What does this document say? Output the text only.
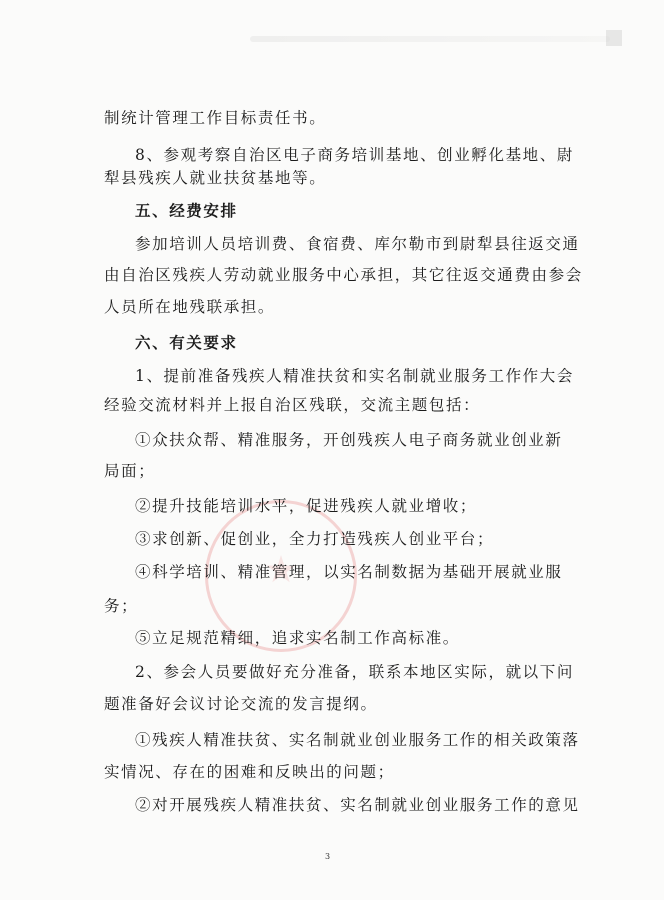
制统计管理工作目标责任书。
8、参观考察自治区电子商务培训基地、创业孵化基地、尉
犁县残疾人就业扶贫基地等。
五、经费安排
参加培训人员培训费、食宿费、库尔勒市到尉犁县往返交通
由自治区残疾人劳动就业服务中心承担，其它往返交通费由参会
人员所在地残联承担。
六、有关要求
1、提前准备残疾人精准扶贫和实名制就业服务工作作大会
经验交流材料并上报自治区残联，交流主题包括：
①众扶众帮、精准服务，开创残疾人电子商务就业创业新
局面；
②提升技能培训水平，促进残疾人就业增收；
③求创新、促创业，全力打造残疾人创业平台；
④科学培训、精准管理，以实名制数据为基础开展就业服
务；
⑤立足规范精细，追求实名制工作高标准。
2、参会人员要做好充分准备，联系本地区实际，就以下问
题准备好会议讨论交流的发言提纲。
①残疾人精准扶贫、实名制就业创业服务工作的相关政策落
实情况、存在的困难和反映出的问题；
②对开展残疾人精准扶贫、实名制就业创业服务工作的意见
3
